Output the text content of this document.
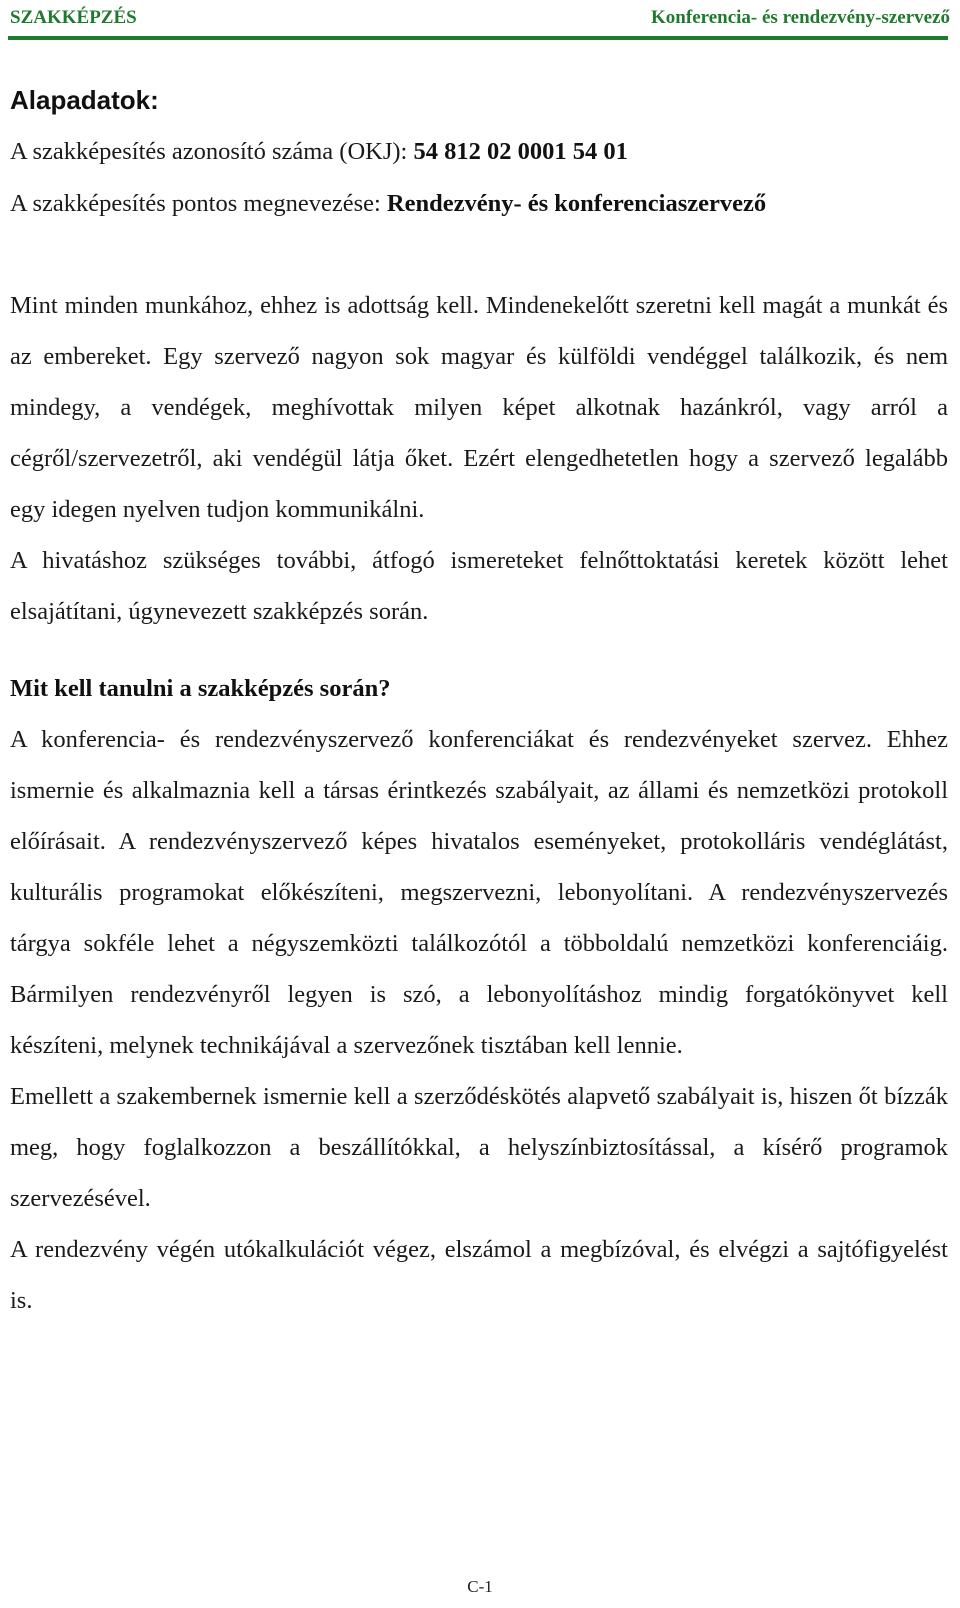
SZAKKÉPZÉS	Konferencia- és rendezvény-szervező

Alapadatok:

A szakképesítés azonosító száma (OKJ): 54 812 02 0001 54 01

A szakképesítés pontos megnevezése: Rendezvény- és konferenciaszervező

Mint minden munkához, ehhez is adottság kell. Mindenekelőtt szeretni kell magát a munkát és az embereket. Egy szervező nagyon sok magyar és külföldi vendéggel találkozik, és nem mindegy, a vendégek, meghívottak milyen képet alkotnak hazánkról, vagy arról a cégről/szervezetről, aki vendégül látja őket. Ezért elengedhetetlen hogy a szervező legalább egy idegen nyelven tudjon kommunikálni.

A hivatáshoz szükséges további, átfogó ismereteket felnőttoktatási keretek között lehet elsajátítani, úgynevezett szakképzés során.

Mit kell tanulni a szakképzés során?

A konferencia- és rendezvényszervező konferenciákat és rendezvényeket szervez. Ehhez ismernie és alkalmaznia kell a társas érintkezés szabályait, az állami és nemzetközi protokoll előírásait. A rendezvényszervező képes hivatalos eseményeket, protokolláris vendéglátást, kulturális programokat előkészíteni, megszervezni, lebonyolítani. A rendezvényszervezés tárgya sokféle lehet a négyszemközti találkozótól a többoldalú nemzetközi konferenciáig. Bármilyen rendezvényről legyen is szó, a lebonyolításhoz mindig forgatókönyvet kell készíteni, melynek technikájával a szervezőnek tisztában kell lennie.

Emellett a szakembernek ismernie kell a szerződéskötés alapvető szabályait is, hiszen őt bízzák meg, hogy foglalkozzon a beszállítókkal, a helyszínbiztosítással, a kísérő programok szervezésével.

A rendezvény végén utókalkulációt végez, elszámol a megbízóval, és elvégzi a sajtófigyelést is.

C-1
